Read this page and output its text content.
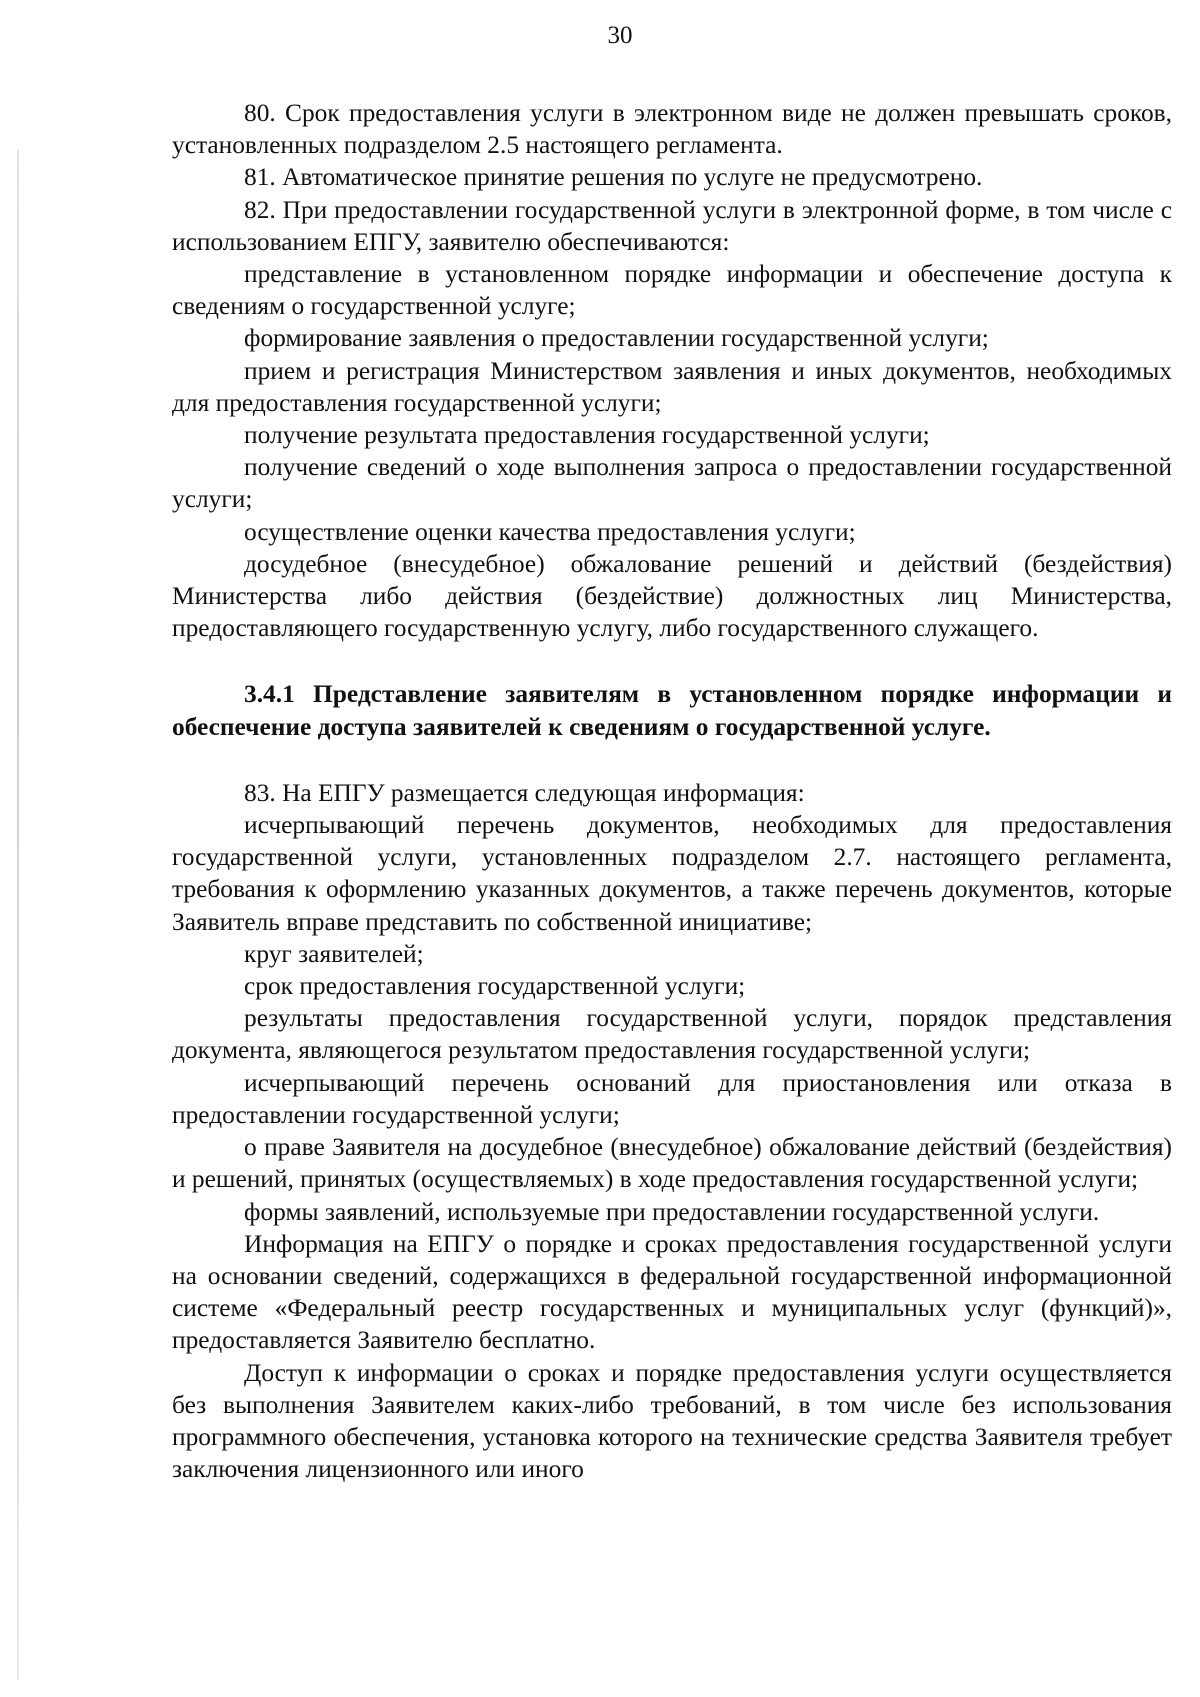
30

80. Срок предоставления услуги в электронном виде не должен превышать сроков, установленных подразделом 2.5 настоящего регламента.

81. Автоматическое принятие решения по услуге не предусмотрено.

82. При предоставлении государственной услуги в электронной форме, в том числе с использованием ЕПГУ, заявителю обеспечиваются:

представление в установленном порядке информации и обеспечение доступа к сведениям о государственной услуге;

формирование заявления о предоставлении государственной услуги;

прием и регистрация Министерством заявления и иных документов, необходимых для предоставления государственной услуги;

получение результата предоставления государственной услуги;

получение сведений о ходе выполнения запроса о предоставлении государственной услуги;

осуществление оценки качества предоставления услуги;

досудебное (внесудебное) обжалование решений и действий (бездействия) Министерства либо действия (бездействие) должностных лиц Министерства, предоставляющего государственную услугу, либо государственного служащего.

3.4.1 Представление заявителям в установленном порядке информации и обеспечение доступа заявителей к сведениям о государственной услуге.

83. На ЕПГУ размещается следующая информация:

исчерпывающий перечень документов, необходимых для предоставления государственной услуги, установленных подразделом 2.7. настоящего регламента, требования к оформлению указанных документов, а также перечень документов, которые Заявитель вправе представить по собственной инициативе;

круг заявителей;

срок предоставления государственной услуги;

результаты предоставления государственной услуги, порядок представления документа, являющегося результатом предоставления государственной услуги;

исчерпывающий перечень оснований для приостановления или отказа в предоставлении государственной услуги;

о праве Заявителя на досудебное (внесудебное) обжалование действий (бездействия) и решений, принятых (осуществляемых) в ходе предоставления государственной услуги;

формы заявлений, используемые при предоставлении государственной услуги.

Информация на ЕПГУ о порядке и сроках предоставления государственной услуги на основании сведений, содержащихся в федеральной государственной информационной системе «Федеральный реестр государственных и муниципальных услуг (функций)», предоставляется Заявителю бесплатно.

Доступ к информации о сроках и порядке предоставления услуги осуществляется без выполнения Заявителем каких-либо требований, в том числе без использования программного обеспечения, установка которого на технические средства Заявителя требует заключения лицензионного или иного
